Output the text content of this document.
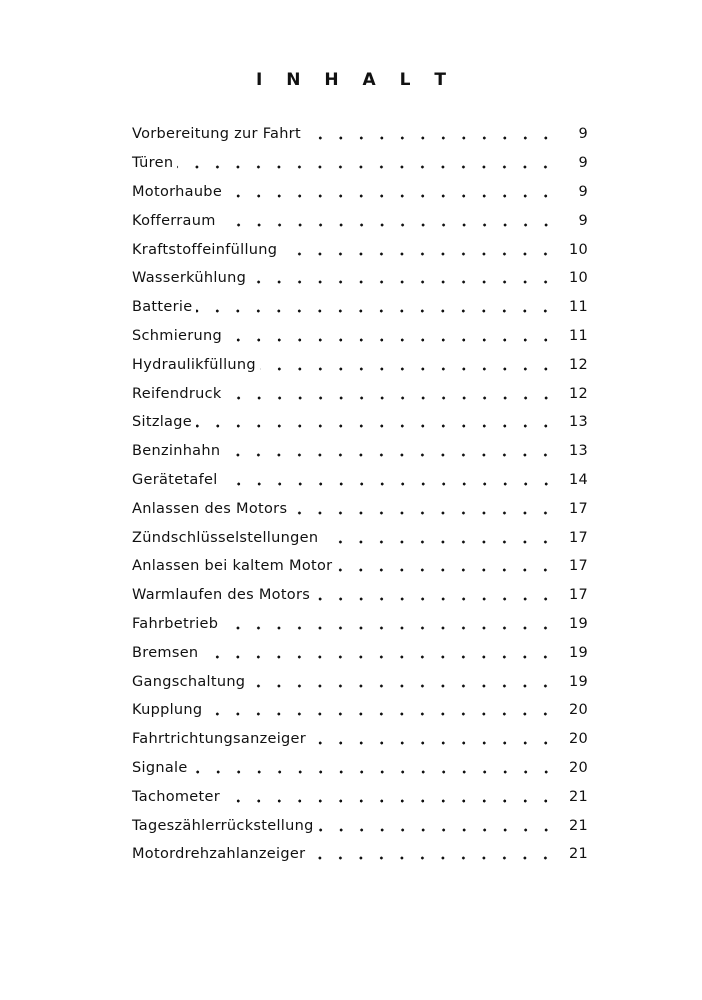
I N H A L T
Vorbereitung zur Fahrt	9
Türen	9
Motorhaube	9
Kofferraum	9
Kraftstoffeinfüllung	10
Wasserkühlung	10
Batterie	11
Schmierung	11
Hydraulikfüllung	12
Reifendruck	12
Sitzlage	13
Benzinhahn	13
Gerätetafel	14
Anlassen des Motors	17
Zündschlüsselstellungen	17
Anlassen bei kaltem Motor	17
Warmlaufen des Motors	17
Fahrbetrieb	19
Bremsen	19
Gangschaltung	19
Kupplung	20
Fahrtrichtungsanzeiger	20
Signale	20
Tachometer	21
Tageszählerrückstellung	21
Motordrehzahlanzeiger	21
